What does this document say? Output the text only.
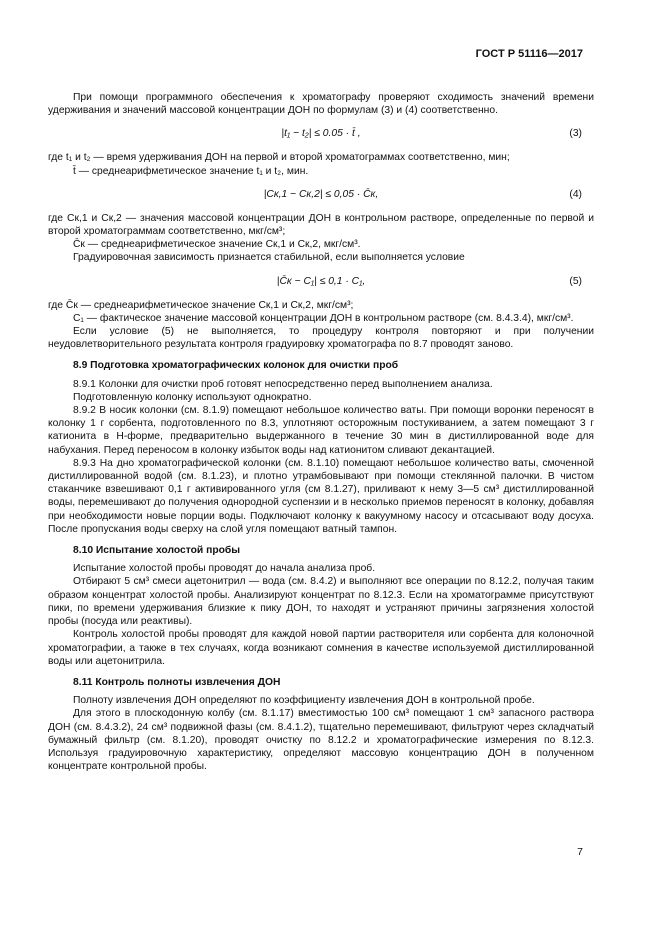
ГОСТ Р 51116—2017

При помощи программного обеспечения к хроматографу проверяют сходимость значений времени удерживания и значений массовой концентрации ДОН по формулам (3) и (4) соответственно.

|t₁ − t₂| ≤ 0.05 · t̄ ,	(3)

где t₁ и t₂ — время удерживания ДОН на первой и второй хроматограммах соответственно, мин;

t̄ — среднеарифметическое значение t₁ и t₂, мин.

|Cк,1 − Cк,2| ≤ 0,05 · C̄к,	(4)

где Cк,1 и Cк,2 — значения массовой концентрации ДОН в контрольном растворе, определенные по первой и второй хроматограммам соответственно, мкг/см³;

C̄к — среднеарифметическое значение Cк,1 и Cк,2, мкг/см³.

Градуировочная зависимость признается стабильной, если выполняется условие

|C̄к − C₁| ≤ 0,1 · C₁,	(5)

где C̄к — среднеарифметическое значение Cк,1 и Cк,2, мкг/см³;

C₁ — фактическое значение массовой концентрации ДОН в контрольном растворе (см. 8.4.3.4), мкг/см³.

Если условие (5) не выполняется, то процедуру контроля повторяют и при получении неудовлетворительного результата контроля градуировку хроматографа по 8.7 проводят заново.

8.9 Подготовка хроматографических колонок для очистки проб

8.9.1 Колонки для очистки проб готовят непосредственно перед выполнением анализа.

Подготовленную колонку используют однократно.

8.9.2 В носик колонки (см. 8.1.9) помещают небольшое количество ваты. При помощи воронки переносят в колонку 1 г сорбента, подготовленного по 8.3, уплотняют осторожным постукиванием, а затем помещают 3 г катионита в Н-форме, предварительно выдержанного в течение 30 мин в дистиллированной воде для набухания. Перед переносом в колонку избыток воды над катионитом сливают декантацией.

8.9.3 На дно хроматографической колонки (см. 8.1.10) помещают небольшое количество ваты, смоченной дистиллированной водой (см. 8.1.23), и плотно утрамбовывают при помощи стеклянной палочки. В чистом стаканчике взвешивают 0,1 г активированного угля (см 8.1.27), приливают к нему 3—5 см³ дистиллированной воды, перемешивают до получения однородной суспензии и в несколько приемов переносят в колонку, добавляя при необходимости новые порции воды. Подключают колонку к вакуумному насосу и отсасывают воду досуха. После пропускания воды сверху на слой угля помещают ватный тампон.

8.10 Испытание холостой пробы

Испытание холостой пробы проводят до начала анализа проб.

Отбирают 5 см³ смеси ацетонитрил — вода (см. 8.4.2) и выполняют все операции по 8.12.2, получая таким образом концентрат холостой пробы. Анализируют концентрат по 8.12.3. Если на хроматограмме присутствуют пики, по времени удерживания близкие к пику ДОН, то находят и устраняют причины загрязнения холостой пробы (посуда или реактивы).

Контроль холостой пробы проводят для каждой новой партии растворителя или сорбента для колоночной хроматографии, а также в тех случаях, когда возникают сомнения в качестве используемой дистиллированной воды или ацетонитрила.

8.11 Контроль полноты извлечения ДОН

Полноту извлечения ДОН определяют по коэффициенту извлечения ДОН в контрольной пробе.

Для этого в плоскодонную колбу (см. 8.1.17) вместимостью 100 см³ помещают 1 см³ запасного раствора ДОН (см. 8.4.3.2), 24 см³ подвижной фазы (см. 8.4.1.2), тщательно перемешивают, фильтруют через складчатый бумажный фильтр (см. 8.1.20), проводят очистку по 8.12.2 и хроматографические измерения по 8.12.3. Используя градуировочную характеристику, определяют массовую концентрацию ДОН в полученном концентрате контрольной пробы.

7
